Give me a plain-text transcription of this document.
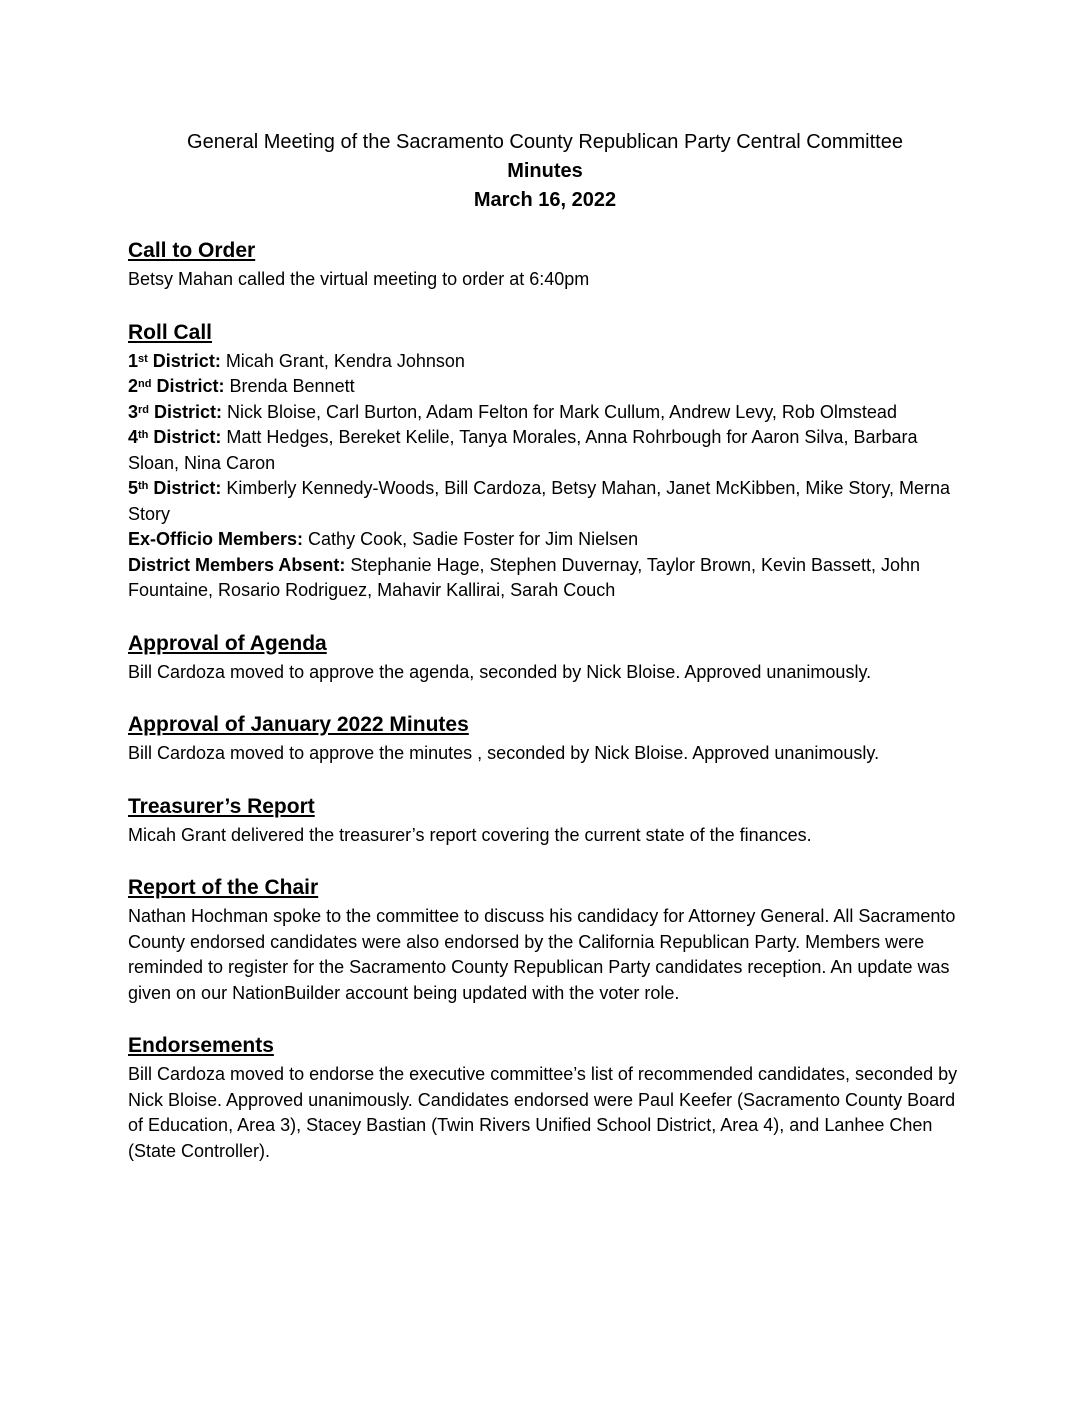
General Meeting of the Sacramento County Republican Party Central Committee
Minutes
March 16, 2022
Call to Order

Betsy Mahan called the virtual meeting to order at 6:40pm

Roll Call

1st District: Micah Grant, Kendra Johnson

2nd District: Brenda Bennett

3rd District: Nick Bloise, Carl Burton, Adam Felton for Mark Cullum, Andrew Levy, Rob Olmstead

4th District: Matt Hedges, Bereket Kelile, Tanya Morales, Anna Rohrbough for Aaron Silva, Barbara Sloan, Nina Caron

5th District: Kimberly Kennedy-Woods, Bill Cardoza, Betsy Mahan, Janet McKibben, Mike Story, Merna Story

Ex-Officio Members: Cathy Cook, Sadie Foster for Jim Nielsen

District Members Absent: Stephanie Hage, Stephen Duvernay, Taylor Brown, Kevin Bassett, John Fountaine, Rosario Rodriguez, Mahavir Kallirai, Sarah Couch

Approval of Agenda

Bill Cardoza moved to approve the agenda, seconded by Nick Bloise. Approved unanimously.

Approval of January 2022 Minutes

Bill Cardoza moved to approve the minutes , seconded by Nick Bloise. Approved unanimously.

Treasurer’s Report

Micah Grant delivered the treasurer’s report covering the current state of the finances.

Report of the Chair

Nathan Hochman spoke to the committee to discuss his candidacy for Attorney General. All Sacramento County endorsed candidates were also endorsed by the California Republican Party. Members were reminded to register for the Sacramento County Republican Party candidates reception. An update was given on our NationBuilder account being updated with the voter role.

Endorsements

Bill Cardoza moved to endorse the executive committee’s list of recommended candidates, seconded by Nick Bloise. Approved unanimously. Candidates endorsed were Paul Keefer (Sacramento County Board of Education, Area 3), Stacey Bastian (Twin Rivers Unified School District, Area 4), and Lanhee Chen (State Controller).
